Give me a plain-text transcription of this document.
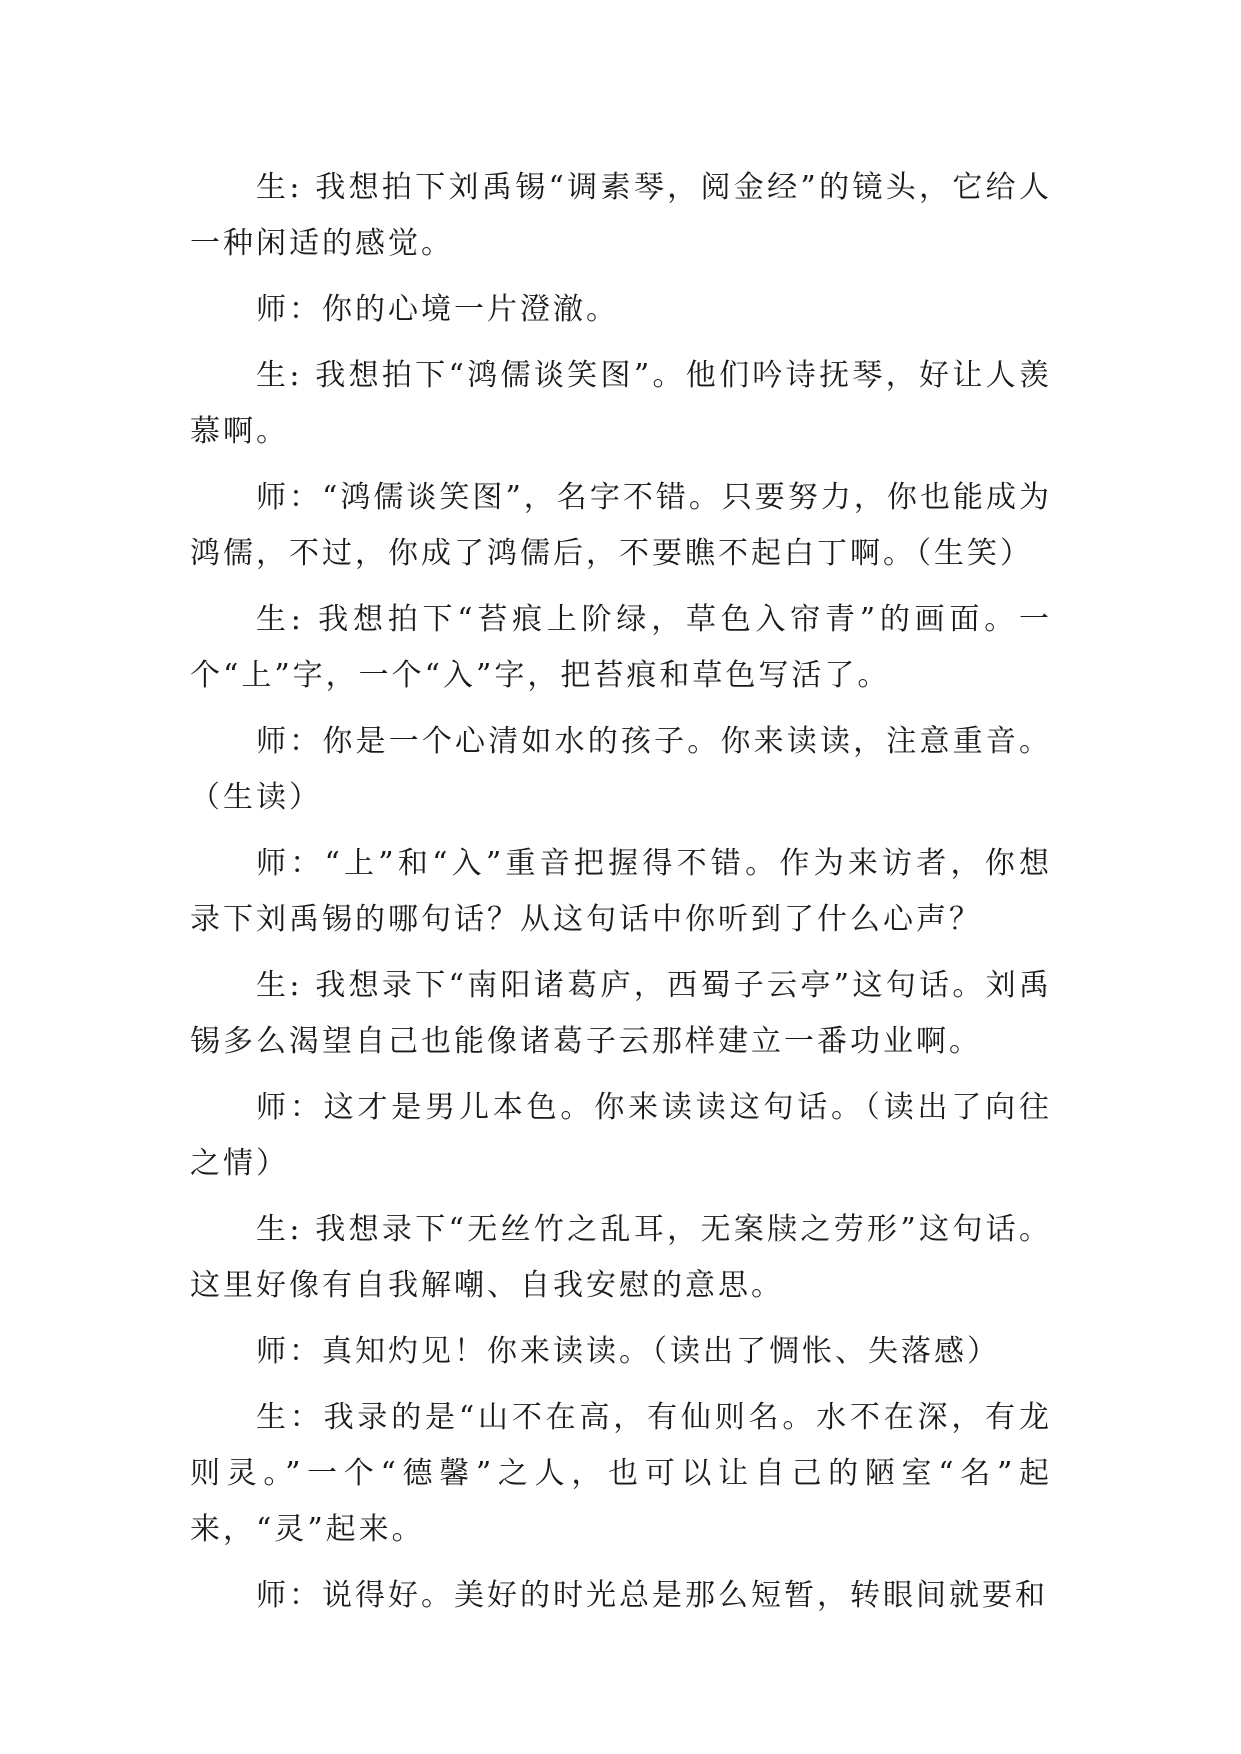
生: 我想拍下刘禹锡“调素琴，阅金经”的镜头，它给人一种闲适的感觉。

师：你的心境一片澄澈。

生: 我想拍下“鸿儒谈笑图”。他们吟诗抚琴，好让人羡慕啊。

师：“鸿儒谈笑图”，名字不错。只要努力，你也能成为鸿儒，不过，你成了鸿儒后，不要瞧不起白丁啊。（生笑）

生: 我想拍下“苔痕上阶绿，草色入帘青”的画面。一个“上”字，一个“入”字，把苔痕和草色写活了。

师：你是一个心清如水的孩子。你来读读，注意重音。（生读）

师：“上”和“入”重音把握得不错。作为来访者，你想录下刘禹锡的哪句话？从这句话中你听到了什么心声？

生: 我想录下“南阳诸葛庐，西蜀子云亭”这句话。刘禹锡多么渴望自己也能像诸葛子云那样建立一番功业啊。

师：这才是男儿本色。你来读读这句话。（读出了向往之情）

生: 我想录下“无丝竹之乱耳，无案牍之劳形”这句话。这里好像有自我解嘲、自我安慰的意思。

师：真知灼见！你来读读。（读出了惆怅、失落感）

生：我录的是“山不在高，有仙则名。水不在深，有龙则灵。”一个“德馨”之人，也可以让自己的陋室“名”起来，“灵”起来。

师：说得好。美好的时光总是那么短暂，转眼间就要和
